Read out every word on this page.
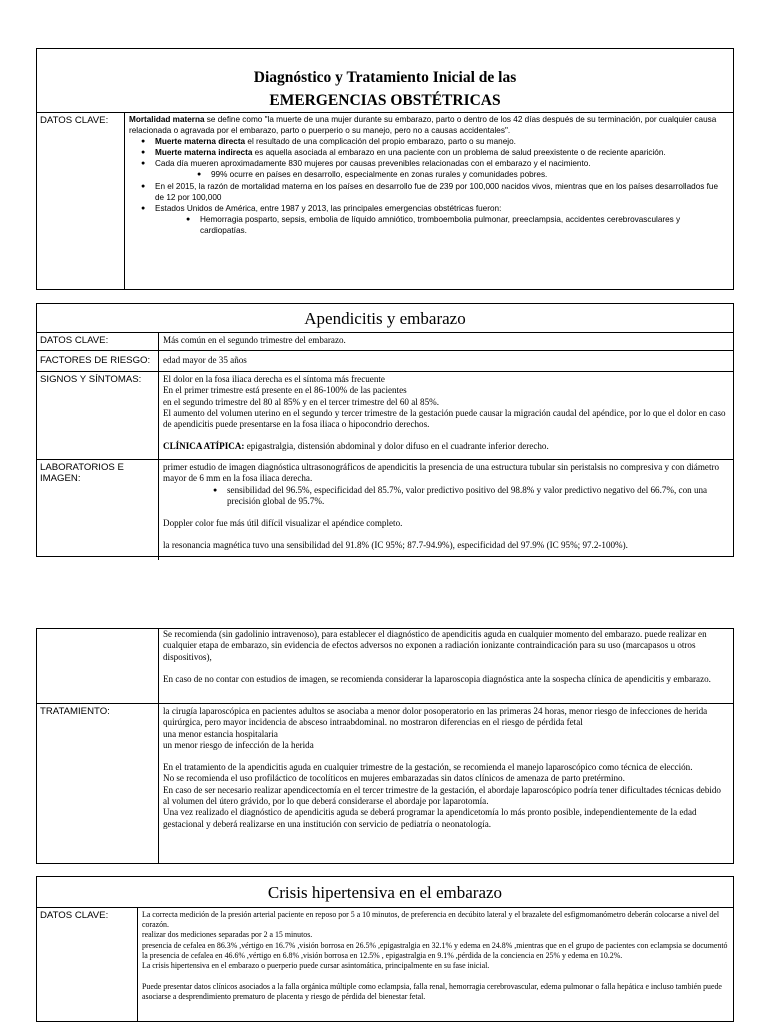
Diagnóstico y Tratamiento Inicial de las
EMERGENCIAS OBSTÉTRICAS
DATOS CLAVE:	Mortalidad materna se define como "la muerte de una mujer durante su embarazo, parto o dentro de los 42 días después de su terminación, por cualquier causa relacionada o agravada por el embarazo, parto o puerperio o su manejo, pero no a causas accidentales".
● Muerte materna directa el resultado de una complicación del propio embarazo, parto o su manejo.
● Muerte materna indirecta es aquella asociada al embarazo en una paciente con un problema de salud preexistente o de reciente aparición.
● Cada día mueren aproximadamente 830 mujeres por causas prevenibles relacionadas con el embarazo y el nacimiento.
● 99% ocurre en países en desarrollo, especialmente en zonas rurales y comunidades pobres.
● En el 2015, la razón de mortalidad materna en los países en desarrollo fue de 239 por 100,000 nacidos vivos, mientras que en los países desarrollados fue de 12 por 100,000
● Estados Unidos de América, entre 1987 y 2013, las principales emergencias obstétricas fueron:
● Hemorragia posparto, sepsis, embolia de líquido amniótico, tromboembolia pulmonar, preeclampsia, accidentes cerebrovasculares y cardiopatías.
Apendicitis y embarazo
DATOS CLAVE:	Más común en el segundo trimestre del embarazo.
FACTORES DE RIESGO:	edad mayor de 35 años
SIGNOS Y SÍNTOMAS:	El dolor en la fosa iliaca derecha es el síntoma más frecuente
En el primer trimestre está presente en el 86-100% de las pacientes
en el segundo trimestre del 80 al 85% y en el tercer trimestre del 60 al 85%.
El aumento del volumen uterino en el segundo y tercer trimestre de la gestación puede causar la migración caudal del apéndice, por lo que el dolor en caso de apendicitis puede presentarse en la fosa iliaca o hipocondrio derechos.
CLÍNICA ATÍPICA: epigastralgia, distensión abdominal y dolor difuso en el cuadrante inferior derecho.
LABORATORIOS E IMAGEN:
primer estudio de imagen diagnóstica ultrasonográficos de apendicitis la presencia de una estructura tubular sin peristalsis no compresiva y con diámetro mayor de 6 mm en la fosa iliaca derecha.
● sensibilidad del 96.5%, especificidad del 85.7%, valor predictivo positivo del 98.8% y valor predictivo negativo del 66.7%, con una precisión global de 95.7%.
Doppler color fue más útil difícil visualizar el apéndice completo.
la resonancia magnética tuvo una sensibilidad del 91.8% (IC 95%; 87.7-94.9%), especificidad del 97.9% (IC 95%; 97.2-100%).
Se recomienda (sin gadolinio intravenoso), para establecer el diagnóstico de apendicitis aguda en cualquier momento del embarazo. puede realizar en cualquier etapa de embarazo, sin evidencia de efectos adversos no exponen a radiación ionizante contraindicación para su uso (marcapasos u otros dispositivos),
En caso de no contar con estudios de imagen, se recomienda considerar la laparoscopia diagnóstica ante la sospecha clínica de apendicitis y embarazo.
TRATAMIENTO:	la cirugía laparoscópica en pacientes adultos se asociaba a menor dolor posoperatorio en las primeras 24 horas, menor riesgo de infecciones de herida quirúrgica, pero mayor incidencia de absceso intraabdominal. no mostraron diferencias en el riesgo de pérdida fetal
una menor estancia hospitalaria
un menor riesgo de infección de la herida
En el tratamiento de la apendicitis aguda en cualquier trimestre de la gestación, se recomienda el manejo laparoscópico como técnica de elección.
No se recomienda el uso profiláctico de tocolíticos en mujeres embarazadas sin datos clínicos de amenaza de parto pretérmino.
En caso de ser necesario realizar apendicectomía en el tercer trimestre de la gestación, el abordaje laparoscópico podría tener dificultades técnicas debido al volumen del útero grávido, por lo que deberá considerarse el abordaje por laparotomía.
Una vez realizado el diagnóstico de apendicitis aguda se deberá programar la apendicetomía lo más pronto posible, independientemente de la edad gestacional y deberá realizarse en una institución con servicio de pediatría o neonatología.
Crisis hipertensiva en el embarazo
DATOS CLAVE:	La correcta medición de la presión arterial paciente en reposo por 5 a 10 minutos, de preferencia en decúbito lateral y el brazalete del esfigmomanómetro deberán colocarse a nivel del corazón.
realizar dos mediciones separadas por 2 a 15 minutos.
presencia de cefalea en 86.3% ,vértigo en 16.7% ,visión borrosa en 26.5% ,epigastralgia en 32.1% y edema en 24.8% ,mientras que en el grupo de pacientes con eclampsia se documentó la presencia de cefalea en 46.6% ,vértigo en 6.8% ,visión borrosa en 12.5% , epigastralgia en 9.1% ,pérdida de la conciencia en 25% y edema en 10.2%.
La crisis hipertensiva en el embarazo o puerperio puede cursar asintomática, principalmente en su fase inicial.
Puede presentar datos clínicos asociados a la falla orgánica múltiple como eclampsia, falla renal, hemorragia cerebrovascular, edema pulmonar o falla hepática e incluso también puede asociarse a desprendimiento prematuro de placenta y riesgo de pérdida del bienestar fetal.
